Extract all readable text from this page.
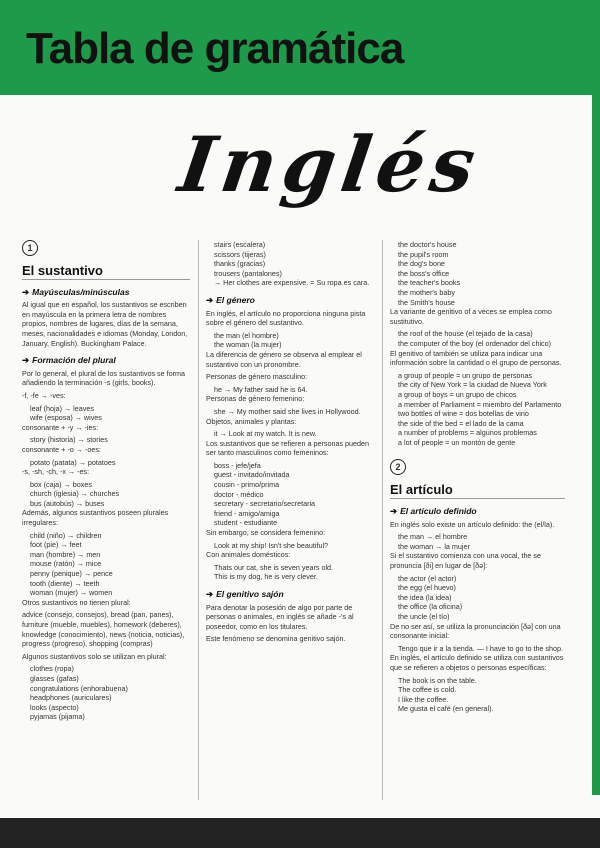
Tabla de gramática
Inglés
1
El sustantivo
➔ Mayúsculas/minúsculas
Al igual que en español, los sustantivos se escriben en mayúscula en la primera letra de nombres propios, nombres de lugares, días de la semana, meses, nacionalidades e idiomas (Monday, London, January, English). Buckingham Palace.
➔ Formación del plural
Por lo general, el plural de los sustantivos se forma añadiendo la terminación -s (girls, books).
-f, -fe → -ves:
leaf (hoja) → leaves
wife (esposa) → wives
consonante + -y → -ies:
story (historia) → stories
consonante + -o → -oes:
potato (patata) → potatoes
-s, -sh, -ch, -x → -es:
box (caja) → boxes
church (iglesia) → churches
bus (autobús) → buses
Además, algunos sustantivos poseen plurales irregulares:
child (niño) → children
foot (pie) → feet
man (hombre) → men
mouse (ratón) → mice
penny (penique) → pence
tooth (diente) → teeth
woman (mujer) → women
Otros sustantivos no tienen plural:
advice (consejo, consejos), bread (pan, panes), furniture (mueble, muebles), homework (deberes), knowledge (conocimiento), news (noticia, noticias), progress (progreso), shopping (compras)
Algunos sustantivos solo se utilizan en plural:
clothes (ropa)
glasses (gafas)
congratulations (enhorabuena)
headphones (auriculares)
looks (aspecto)
pyjamas (pijama)
stairs (escalera)
scissors (tijeras)
thanks (gracias)
trousers (pantalones)
→ Her clothes are expensive. = Su ropa es cara.
➔ El género
En inglés, el artículo no proporciona ninguna pista sobre el género del sustantivo.
the man (el hombre)
the woman (la mujer)
La diferencia de género se observa al emplear el sustantivo con un pronombre.
Personas de género masculino:
he → My father said he is 64.
Personas de género femenino:
she → My mother said she lives in Hollywood.
Objetos, animales y plantas:
it → Look at my watch. It is new.
Los sustantivos que se refieren a personas pueden ser tanto masculinos como femeninos:
boss - jefe/jefa
guest - invitado/invitada
cousin - primo/prima
doctor - médico
secretary - secretario/secretaria
friend - amigo/amiga
student - estudiante
Sin embargo, se considera femenino:
Look at my ship! Isn't she beautiful?
Con animales domésticos:
Thats our cat, she is seven years old.
This is my dog, he is very clever.
➔ El genitivo sajón
Para denotar la posesión de algo por parte de personas o animales, en inglés se añade -'s al poseedor, como en los titulares.
Este fenómeno se denomina genitivo sajón.
the doctor's house
the pupil's room
the dog's bone
the boss's office
the teacher's books
the mother's baby
the Smith's house
La variante de genitivo of a veces se emplea como sustitutivo.
the roof of the house (el tejado de la casa)
the computer of the boy (el ordenador del chico)
El genitivo of también se utiliza para indicar una información sobre la cantidad o el grupo de personas.
a group of people = un grupo de personas
the city of New York = la ciudad de Nueva York
a group of boys = un grupo de chicos
a member of Parliament = miembro del Parlamento
two bottles of wine = dos botellas de vino
the side of the bed = el lado de la cama
a number of problems = algunos problemas
a lot of people = un montón de gente
2
El artículo
➔ El artículo definido
En inglés solo existe un artículo definido: the (el/la).
the man → el hombre
the woman → la mujer
Si el sustantivo comienza con una vocal, the se pronuncia [ði] en lugar de [ðə]:
the actor (el actor)
the egg (el huevo)
the idea (la idea)
the office (la oficina)
the uncle (el tío)
De no ser así, se utiliza la pronunciación [ðə] con una consonante inicial:
Tengo que ir a la tienda. — I have to go to the shop.
En inglés, el artículo definido se utiliza con sustantivos que se refieren a objetos o personas específicas:
The book is on the table.
The coffee is cold.
I like the coffee.
Me gusta el café (en general).
